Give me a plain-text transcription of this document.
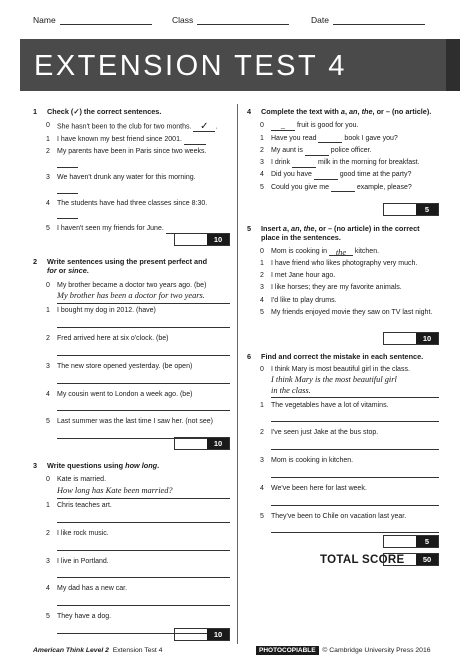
Name	Class	Date
EXTENSION TEST 4
1 Check (✓) the correct sentences.
0 She hasn't been to the club for two months. ✓ .
1 I have known my best friend since 2001.
2 My parents have been in Paris since two weeks.
3 We haven't drunk any water for this morning.
4 The students have had three classes since 8:30.
5 I haven't seen my friends for June.
10
2 Write sentences using the present perfect and
for or since.
0 My brother became a doctor two years ago. (be)
My brother has been a doctor for two years.
1 I bought my dog in 2012. (have)
2 Fred arrived here at six o'clock. (be)
3 The new store opened yesterday. (be open)
4 My cousin went to London a week ago. (be)
5 Last summer was the last time I saw her. (not see)
10
3 Write questions using how long.
0 Kate is married.
How long has Kate been married?
1 Chris teaches art.
2 I like rock music.
3 I live in Portland.
4 My dad has a new car.
5 They have a dog.
10
4 Complete the text with a, an, the, or – (no article).
0 – fruit is good for you.
1 Have you read	book I gave you?
2 My aunt is	police officer.
3 I drink	milk in the morning for breakfast.
4 Did you have	good time at the party?
5 Could you give me	example, please?
5
5 Insert a, an, the, or – (no article) in the correct place in the sentences.
0 Mom is cooking in the kitchen.
1 I have friend who likes photography very much.
2 I met Jane hour ago.
3 I like horses; they are my favorite animals.
4 I'd like to play drums.
5 My friends enjoyed movie they saw on TV last night.
10
6 Find and correct the mistake in each sentence.
0 I think Mary is most beautiful girl in the class.
I think Mary is the most beautiful girl
in the class.
1 The vegetables have a lot of vitamins.
2 I've seen just Jake at the bus stop.
3 Mom is cooking in kitchen.
4 We've been here for last week.
5 They've been to Chile on vacation last year.
5
TOTAL SCORE	50
American Think Level 2 Extension Test 4	PHOTOCOPIABLE © Cambridge University Press 2016
